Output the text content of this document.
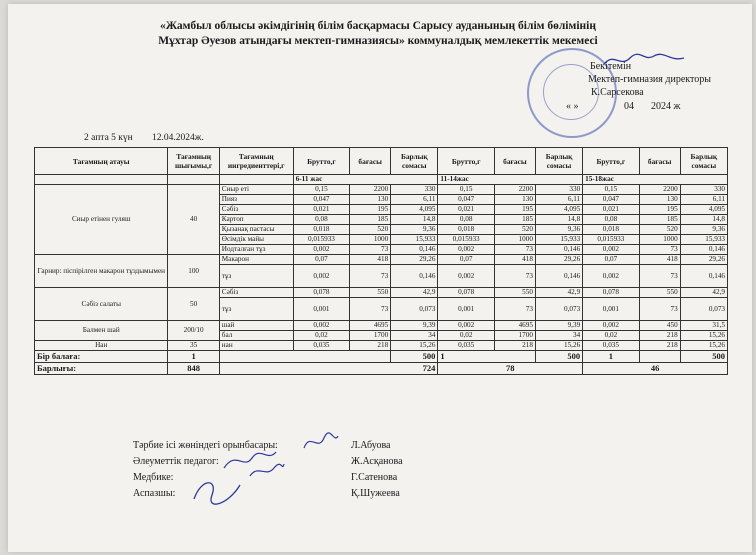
«Жамбыл облысы әкімдігінің білім басқармасы Сарысу ауданының білім бөлімінің
Мұхтар Әуезов атындағы мектеп-гимназиясы» коммуналдық мемлекеттік мекемесі
Бекітемін
Мектеп-гимназия директоры
К.Сарсекова
« »	04 2024 ж
2 апта 5 күн 12.04.2024ж.
Тағамның атауы	Тағамның шығымы,г	Тағамның ингредиенттері,г	Брутто,г	бағасы	Барлық сомасы	Брутто,г	бағасы	Барлық сомасы	Брутто,г	бағасы	Барлық сомасы
			6-11 жас			11-14жас			15-18жас		
Сиыр етінен гуляш	40	Сиыр еті	0,15	2200	330	0,15	2200	330	0,15	2200	330
		Пияз	0,047	130	6,11	0,047	130	6,11	0,047	130	6,11
		Сәбіз	0,021	195	4,095	0,021	195	4,095	0,021	195	4,095
		Картоп	0,08	185	14,8	0,08	185	14,8	0,08	185	14,8
		Қызанақ пастасы	0,018	520	9,36	0,018	520	9,36	0,018	520	9,36
		Өсімдік майы	0,015933	1000	15,933	0,015933	1000	15,933	0,015933	1000	15,933
		Иодталған тұз	0,002	73	0,146	0,002	73	0,146	0,002	73	0,146
Гарнир: піспірілген макарон тұздымымен	100	Макарон	0,07	418	29,26	0,07	418	29,26	0,07	418	29,26
		тұз	0,002	73	0,146	0,002	73	0,146	0,002	73	0,146
Сәбіз салаты	50	Сәбіз	0,078	550	42,9	0,078	550	42,9	0,078	550	42,9
		тұз	0,001	73	0,073	0,001	73	0,073	0,001	73	0,073
Балмен шай	200/10	шай	0,002	4695	9,39	0,002	4695	9,39	0,002	450	31,5
		бал	0,02	1700	34	0,02	1700	34	0,02	218	15,26
Нан	35	нан	0,035	218	15,26	0,035	218	15,26	0,035	218	15,26
Бір балаға:	1				500	1		500	1		500
Барлығы:	848	724				78			46		
Тәрбие ісі жөніндегі орынбасары:	Л.Абуова
Әлеуметтік педагог:	Ж.Асқанова
Медбике:	Г.Сатенова
Аспазшы:	Қ.Шужеева
